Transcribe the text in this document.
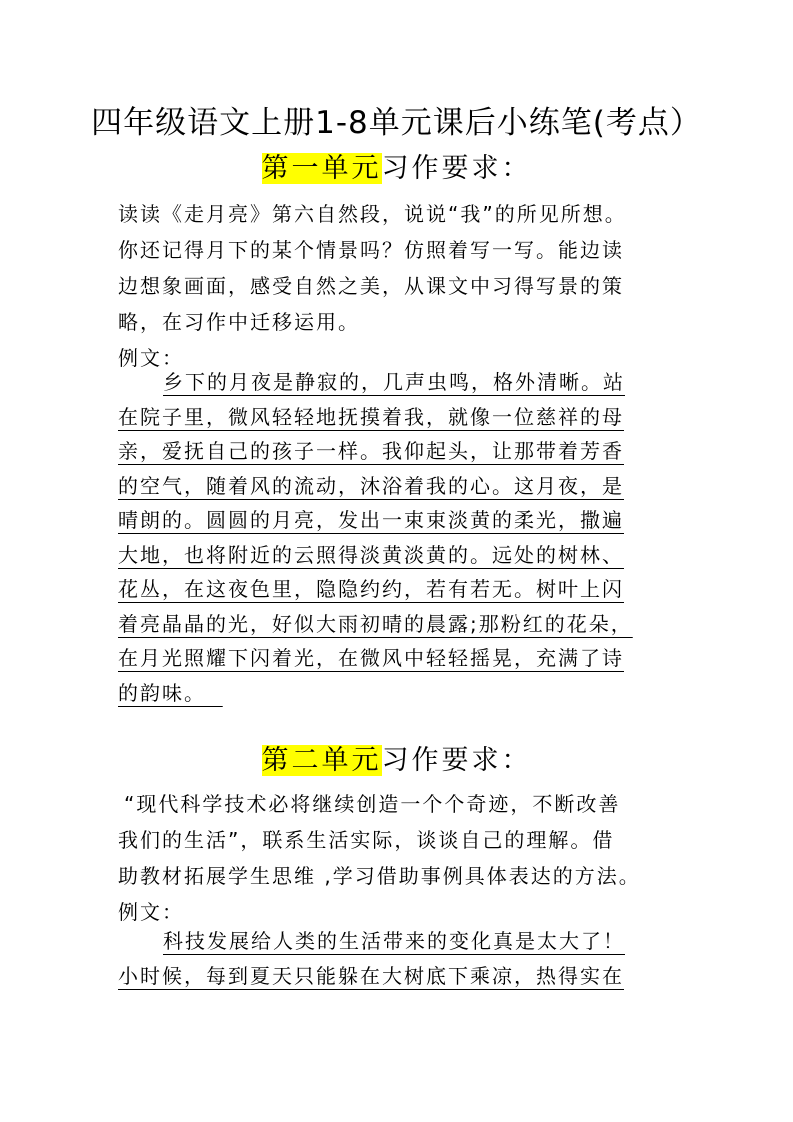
四年级语文上册1-8单元课后小练笔(考点）
第一单元习作要求：
读读《走月亮》第六自然段，说说“我”的所见所想。
你还记得月下的某个情景吗？仿照着写一写。能边读
边想象画面，感受自然之美，从课文中习得写景的策
略，在习作中迁移运用。
例文：
乡下的月夜是静寂的，几声虫鸣，格外清晰。站
在院子里，微风轻轻地抚摸着我，就像一位慈祥的母
亲，爱抚自己的孩子一样。我仰起头，让那带着芳香
的空气，随着风的流动，沐浴着我的心。这月夜，是
晴朗的。圆圆的月亮，发出一束束淡黄的柔光，撒遍
大地，也将附近的云照得淡黄淡黄的。远处的树林、
花丛，在这夜色里，隐隐约约，若有若无。树叶上闪
着亮晶晶的光，好似大雨初晴的晨露;那粉红的花朵，
在月光照耀下闪着光，在微风中轻轻摇晃，充满了诗
的韵味。
第二单元习作要求：
“现代科学技术必将继续创造一个个奇迹，不断改善
我们的生活”，联系生活实际，谈谈自己的理解。借
助教材拓展学生思维 ,学习借助事例具体表达的方法。
例文：
科技发展给人类的生活带来的变化真是太大了！
小时候，每到夏天只能躲在大树底下乘凉，热得实在
